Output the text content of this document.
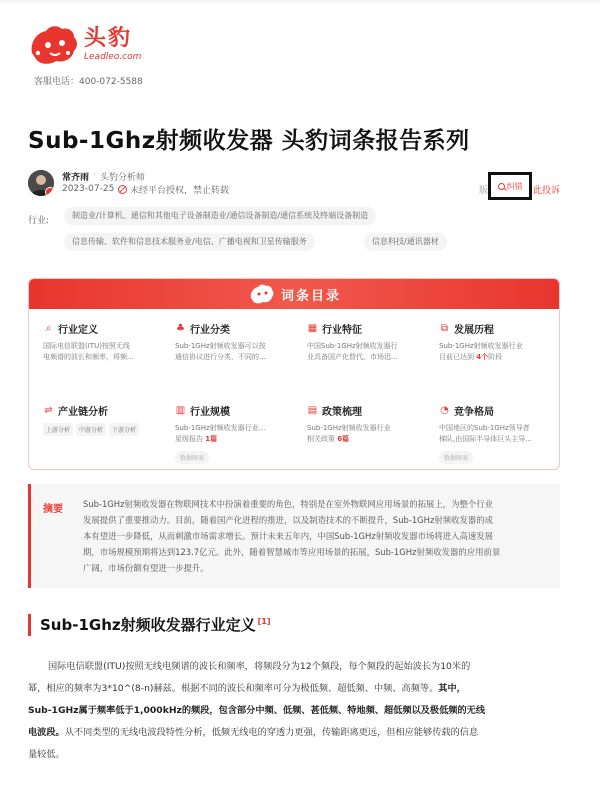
头豹
Leadleo.com
客服电话：400-072-5588
Sub-1Ghz射频收发器 头豹词条报告系列
常齐雨 · 头豹分析师
2023-07-25 未经平台授权，禁止转载	版 纠错 此投诉
行业:
制造业/计算机、通信和其他电子设备制造业/通信设备制造/通信系统及终端设备制造
信息传输、软件和信息技术服务业/电信、广播电视和卫星传输服务	信息科技/通讯器材
词条目录
⌕ 行业定义
国际电信联盟(ITU)按照无线
电频谱的波长和频率，将频...
♣ 行业分类
Sub-1GHz射频收发器可以按
通信协议进行分类，不同的...
▦ 行业特征
中国Sub-1GHz射频收发器行
业具备国产化替代、市场迅...
⧉ 发展历程
Sub-1GHz射频收发器行业
目前已达到 4个阶段
⇌ 产业链分析
上游分析	中游分析	下游分析
▥ 行业规模
Sub-1GHz射频收发器行业...
星级报告 1篇
数据图表
▤ 政策梳理
Sub-1GHz射频收发器行业
相关政策 6篇
◔ 竞争格局
中国地区的Sub-1GHz领导者
梯队,由国际半导体巨头主导...
数据图表
摘要 Sub-1GHz射频收发器在物联网技术中扮演着重要的角色，特别是在室外物联网应用场景的拓展上，为整个行业
发展提供了重要推动力。目前，随着国产化进程的推进，以及制造技术的不断提升，Sub-1GHz射频收发器的成
本有望进一步降低，从而刺激市场需求增长。预计未来五年内，中国Sub-1GHz射频收发器市场将进入高速发展
期，市场规模预期将达到123.7亿元。此外，随着智慧城市等应用场景的拓展，Sub-1GHz射频收发器的应用前景
广阔，市场份额有望进一步提升。
Sub-1Ghz射频收发器行业定义 [1]
国际电信联盟(ITU)按照无线电频谱的波长和频率，将频段分为12个频段，每个频段的起始波长为10米的
幂，相应的频率为3*10^(8-n)赫兹。根据不同的波长和频率可分为极低频、超低频、中频、高频等。其中，
Sub-1GHz属于频率低于1,000kHz的频段，包含部分中频、低频、甚低频、特地频、超低频以及极低频的无线
电波段。从不同类型的无线电波段特性分析，低频无线电的穿透力更强，传输距离更远，但相应能够传载的信息
量较低。
